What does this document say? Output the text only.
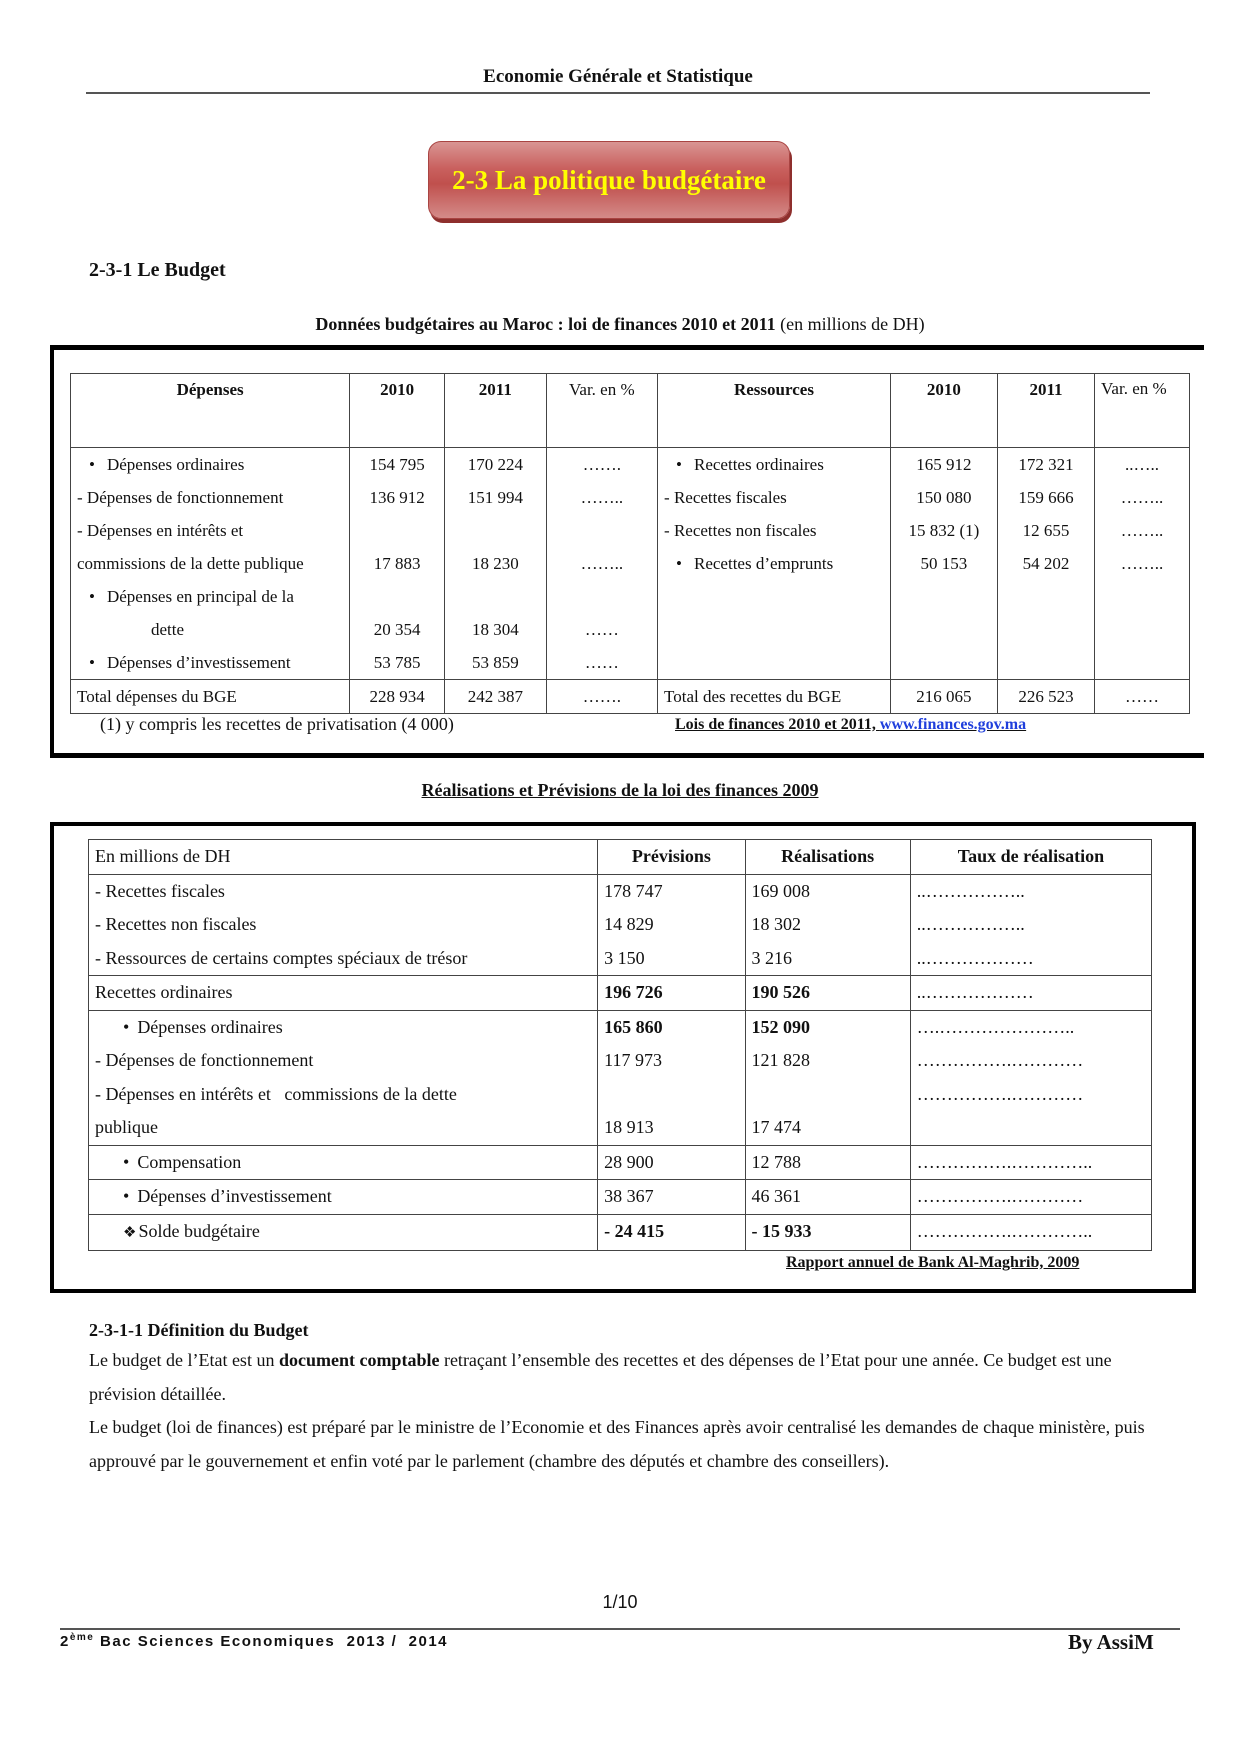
Economie Générale et Statistique
2-3 La politique budgétaire
2-3-1 Le Budget
Données budgétaires au Maroc : loi de finances 2010 et 2011 (en millions de DH)
Dépenses	2010	2011	Var. en %	Ressources	2010	2011	Var. en %
• Dépenses ordinaires	154 795	170 224	…….	• Recettes ordinaires	165 912	172 321	..…..
- Dépenses de fonctionnement	136 912	151 994	……..	- Recettes fiscales	150 080	159 666	……..
- Dépenses en intérêts et				- Recettes non fiscales	15 832 (1)	12 655	……..
commissions de la dette publique	17 883	18 230	……..	• Recettes d’emprunts	50 153	54 202	……..
• Dépenses en principal de la							
dette	20 354	18 304	……				
• Dépenses d’investissement	53 785	53 859	……				
Total dépenses du BGE	228 934	242 387	…….	Total des recettes du BGE	216 065	226 523	……
(1) y compris les recettes de privatisation (4 000)	Lois de finances 2010 et 2011, www.finances.gov.ma
Réalisations et Prévisions de la loi des finances 2009
En millions de DH	Prévisions	Réalisations	Taux de réalisation
- Recettes fiscales	178 747	169 008	..……………..
- Recettes non fiscales	14 829	18 302	..……………..
- Ressources de certains comptes spéciaux de trésor	3 150	3 216	..………………
Recettes ordinaires	196 726	190 526	..………………
• Dépenses ordinaires	165 860	152 090	….…………………..
- Dépenses de fonctionnement	117 973	121 828	…………….…………
- Dépenses en intérêts et   commissions de la dette			…………….…………
publique	18 913	17 474	
• Compensation	28 900	12 788	…………….…………..
• Dépenses d’investissement	38 367	46 361	…………….…………
❖ Solde budgétaire	- 24 415	- 15 933	…………….…………..
Rapport annuel de Bank Al-Maghrib, 2009
2-3-1-1 Définition du Budget
Le budget de l’Etat est un document comptable retraçant l’ensemble des recettes et des dépenses de l’Etat pour une année. Ce budget est une prévision détaillée.
Le budget (loi de finances) est préparé par le ministre de l’Economie et des Finances après avoir centralisé les demandes de chaque ministère, puis approuvé par le gouvernement et enfin voté par le parlement (chambre des députés et chambre des conseillers).
1/10
2ème Bac Sciences Economiques  2013 /  2014	By AssiM
